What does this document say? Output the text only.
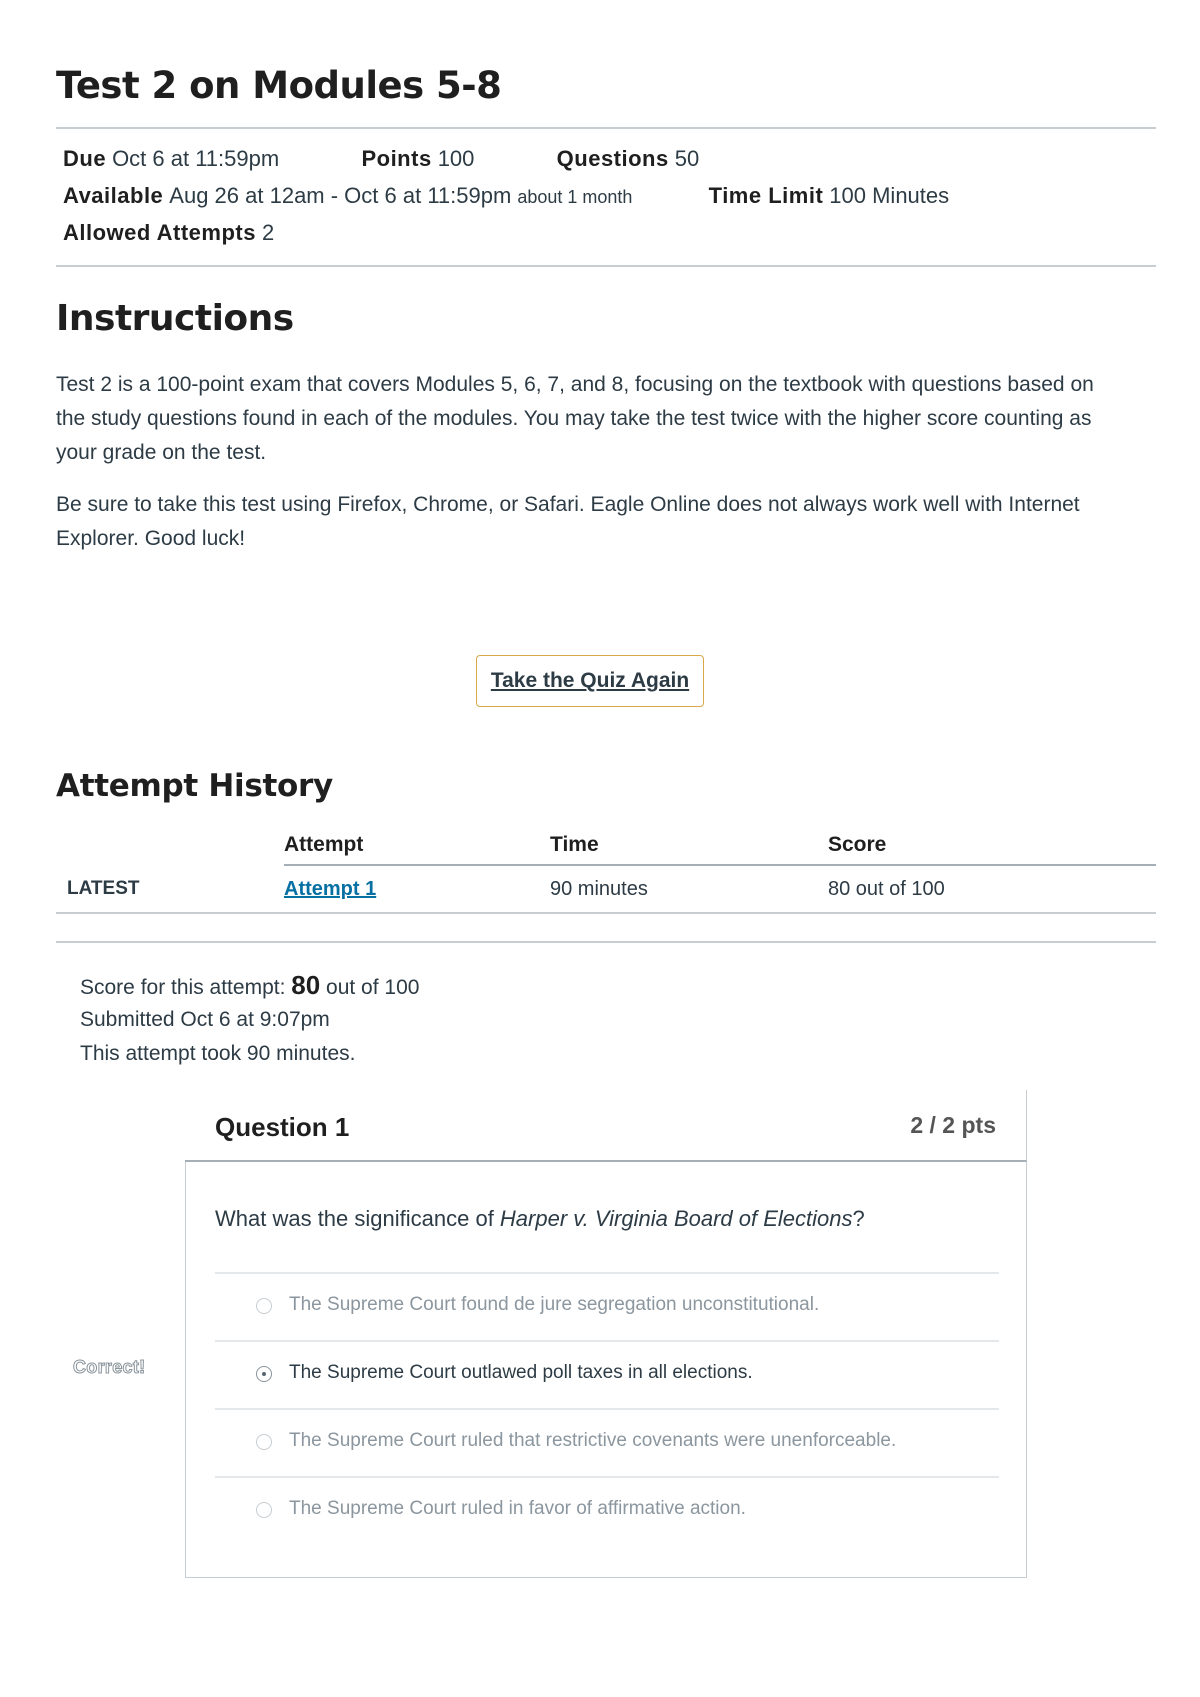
Test 2 on Modules 5-8
Due Oct 6 at 11:59pm	Points 100	Questions 50
Available Aug 26 at 12am - Oct 6 at 11:59pm about 1 month	Time Limit 100 Minutes
Allowed Attempts 2
Instructions

Test 2 is a 100-point exam that covers Modules 5, 6, 7, and 8, focusing on the textbook with questions based on the study questions found in each of the modules. You may take the test twice with the higher score counting as your grade on the test.

Be sure to take this test using Firefox, Chrome, or Safari. Eagle Online does not always work well with Internet Explorer. Good luck!

Take the Quiz Again
Attempt History
	Attempt	Time	Score
LATEST	Attempt 1	90 minutes	80 out of 100
Score for this attempt: 80 out of 100
Submitted Oct 6 at 9:07pm
This attempt took 90 minutes.
Question 1	2 / 2 pts
What was the significance of Harper v. Virginia Board of Elections?
The Supreme Court found de jure segregation unconstitutional.
The Supreme Court outlawed poll taxes in all elections.
The Supreme Court ruled that restrictive covenants were unenforceable.
The Supreme Court ruled in favor of affirmative action.
Correct!
